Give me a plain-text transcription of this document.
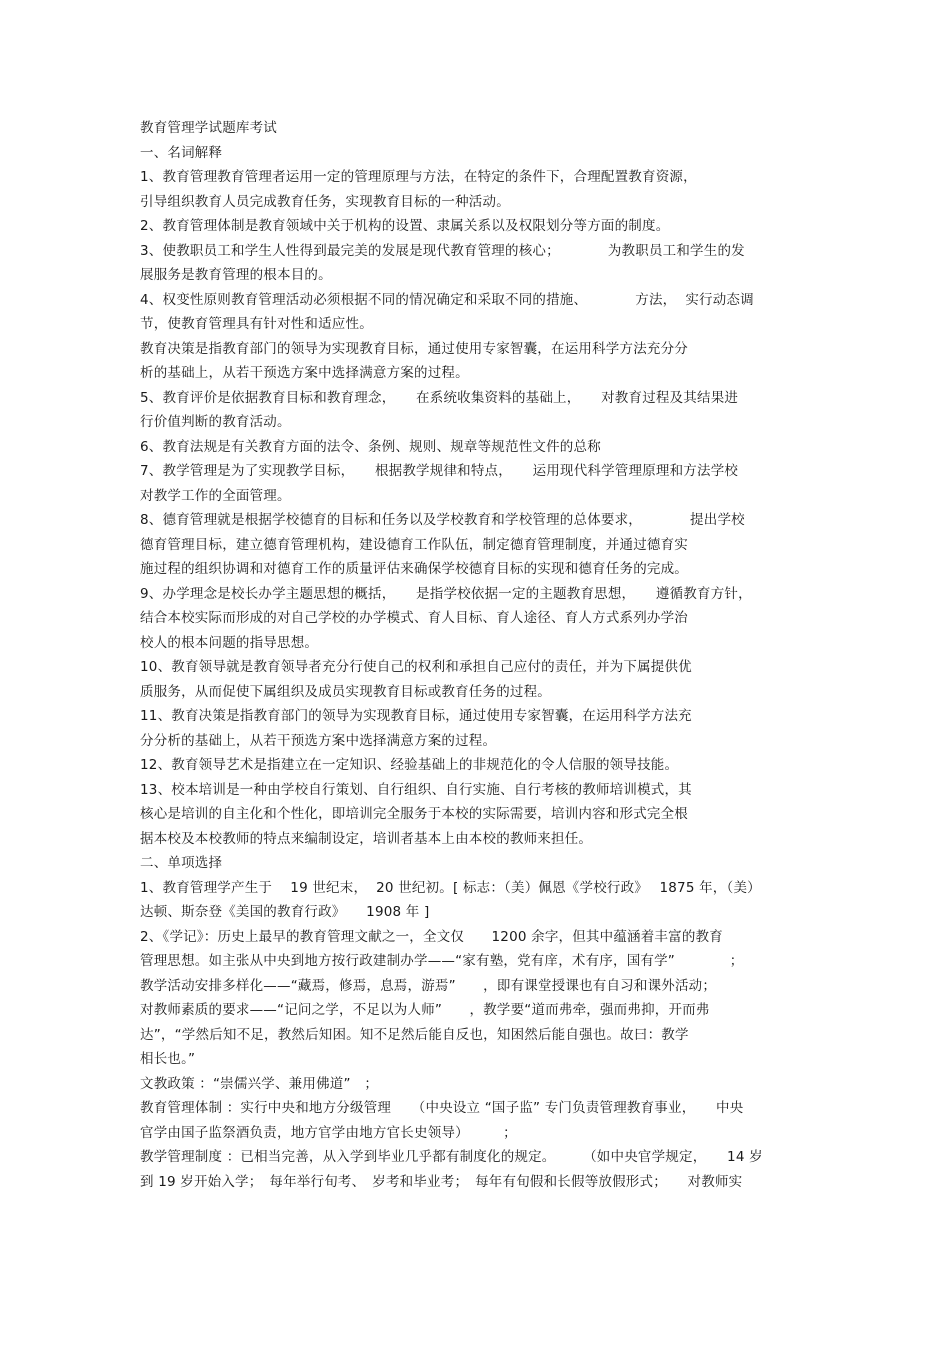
教育管理学试题库考试
一、名词解释
1、教育管理教育管理者运用一定的管理原理与方法，在特定的条件下，合理配置教育资源，
引导组织教育人员完成教育任务，实现教育目标的一种活动。
2、教育管理体制是教育领域中关于机构的设置、隶属关系以及权限划分等方面的制度。
3、使教职员工和学生人性得到最完美的发展是现代教育管理的核心；　　　　为教职员工和学生的发
展服务是教育管理的根本目的。
4、权变性原则教育管理活动必须根据不同的情况确定和采取不同的措施、　　　　方法，  实行动态调
节，使教育管理具有针对性和适应性。
教育决策是指教育部门的领导为实现教育目标，通过使用专家智囊，在运用科学方法充分分
析的基础上，从若干预选方案中选择满意方案的过程。
5、教育评价是依据教育目标和教育理念，　　在系统收集资料的基础上，　　对教育过程及其结果进
行价值判断的教育活动。
6、教育法规是有关教育方面的法令、条例、规则、规章等规范性文件的总称
7、教学管理是为了实现教学目标，　　根据教学规律和特点，　　运用现代科学管理原理和方法学校
对教学工作的全面管理。
8、德育管理就是根据学校德育的目标和任务以及学校教育和学校管理的总体要求，　　　　提出学校
德育管理目标，建立德育管理机构，建设德育工作队伍，制定德育管理制度，并通过德育实
施过程的组织协调和对德育工作的质量评估来确保学校德育目标的实现和德育任务的完成。
9、办学理念是校长办学主题思想的概括，　　是指学校依据一定的主题教育思想，　　遵循教育方针，
结合本校实际而形成的对自己学校的办学模式、育人目标、育人途径、育人方式系列办学治
校人的根本问题的指导思想。
10、教育领导就是教育领导者充分行使自己的权利和承担自己应付的责任，并为下属提供优
质服务，从而促使下属组织及成员实现教育目标或教育任务的过程。
11、教育决策是指教育部门的领导为实现教育目标，通过使用专家智囊，在运用科学方法充
分分析的基础上，从若干预选方案中选择满意方案的过程。
12、教育领导艺术是指建立在一定知识、经验基础上的非规范化的令人信服的领导技能。
13、校本培训是一种由学校自行策划、自行组织、自行实施、自行考核的教师培训模式，其
核心是培训的自主化和个性化，即培训完全服务于本校的实际需要，培训内容和形式完全根
据本校及本校教师的特点来编制设定，培训者基本上由本校的教师来担任。
二、单项选择
1、教育管理学产生于　 19 世纪末，  20 世纪初。[ 标志：（美）佩恩《学校行政》　 1875 年，（美）
达顿、斯奈登《美国的教育行政》　　1908 年 ]
2、《学记》：历史上最早的教育管理文献之一，全文仅　　1200 余字，但其中蕴涵着丰富的教育
管理思想。如主张从中央到地方按行政建制办学——“家有塾，党有庠，术有序，国有学”　　　　；
教学活动安排多样化——“藏焉，修焉，息焉，游焉”　　，即有课堂授课也有自习和课外活动；
对教师素质的要求——“记问之学，不足以为人师”　　，教学要“道而弗牵，强而弗抑，开而弗
达”，“学然后知不足，教然后知困。知不足然后能自反也，知困然后能自强也。故曰：教学
相长也。”
文教政策 ：“崇儒兴学、兼用佛道”　；
教育管理体制 ：实行中央和地方分级管理　　（中央设立 “国子监” 专门负责管理教育事业，　　中央
官学由国子监祭酒负责，地方官学由地方官长史领导）　　　；
教学管理制度 ：已相当完善，从入学到毕业几乎都有制度化的规定。　　　（如中央官学规定，　　14 岁
到 19 岁开始入学；　每年举行旬考、　岁考和毕业考；　每年有旬假和长假等放假形式；　　对教师实
